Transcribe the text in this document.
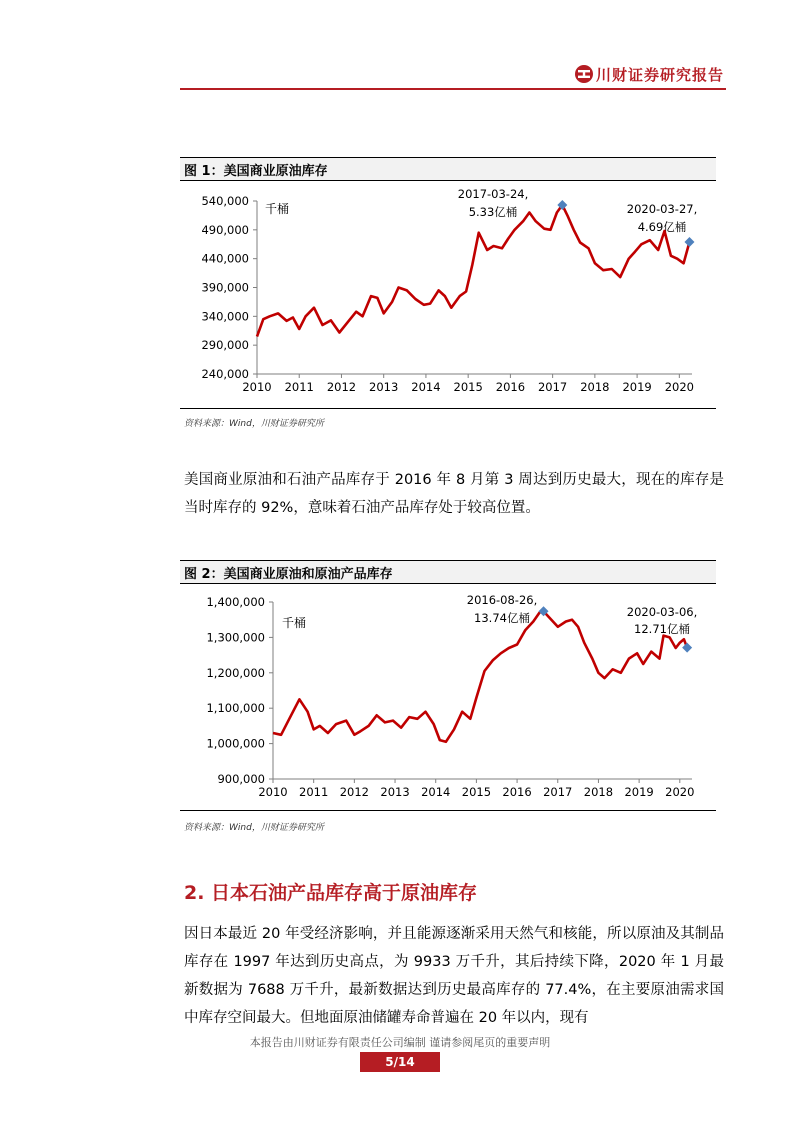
川财证券研究报告
图 1：美国商业原油库存
240,000
290,000
340,000
390,000
440,000
490,000
540,000
2010 2011 2012 2013 2014 2015 2016 2017 2018 2019 2020
千桶
2017-03-24,
5.33亿桶	2020-03-27,
4.69亿桶
资料来源：Wind，川财证券研究所
美国商业原油和石油产品库存于 2016 年 8 月第 3 周达到历史最大，现在的库存是当时库存的 92%，意味着石油产品库存处于较高位置。
图 2：美国商业原油和原油产品库存
900,000
1,000,000
1,100,000
1,200,000
1,300,000
1,400,000
2010 2011 2012 2013 2014 2015 2016 2017 2018 2019 2020
千桶
2016-08-26,
13.74亿桶	2020-03-06,
12.71亿桶
资料来源：Wind，川财证券研究所
2. 日本石油产品库存高于原油库存
因日本最近 20 年受经济影响，并且能源逐渐采用天然气和核能，所以原油及其制品库存在 1997 年达到历史高点，为 9933 万千升，其后持续下降，2020 年 1 月最新数据为 7688 万千升，最新数据达到历史最高库存的 77.4%，在主要原油需求国中库存空间最大。但地面原油储罐寿命普遍在 20 年以内，现有
本报告由川财证券有限责任公司编制 谨请参阅尾页的重要声明
5/14
